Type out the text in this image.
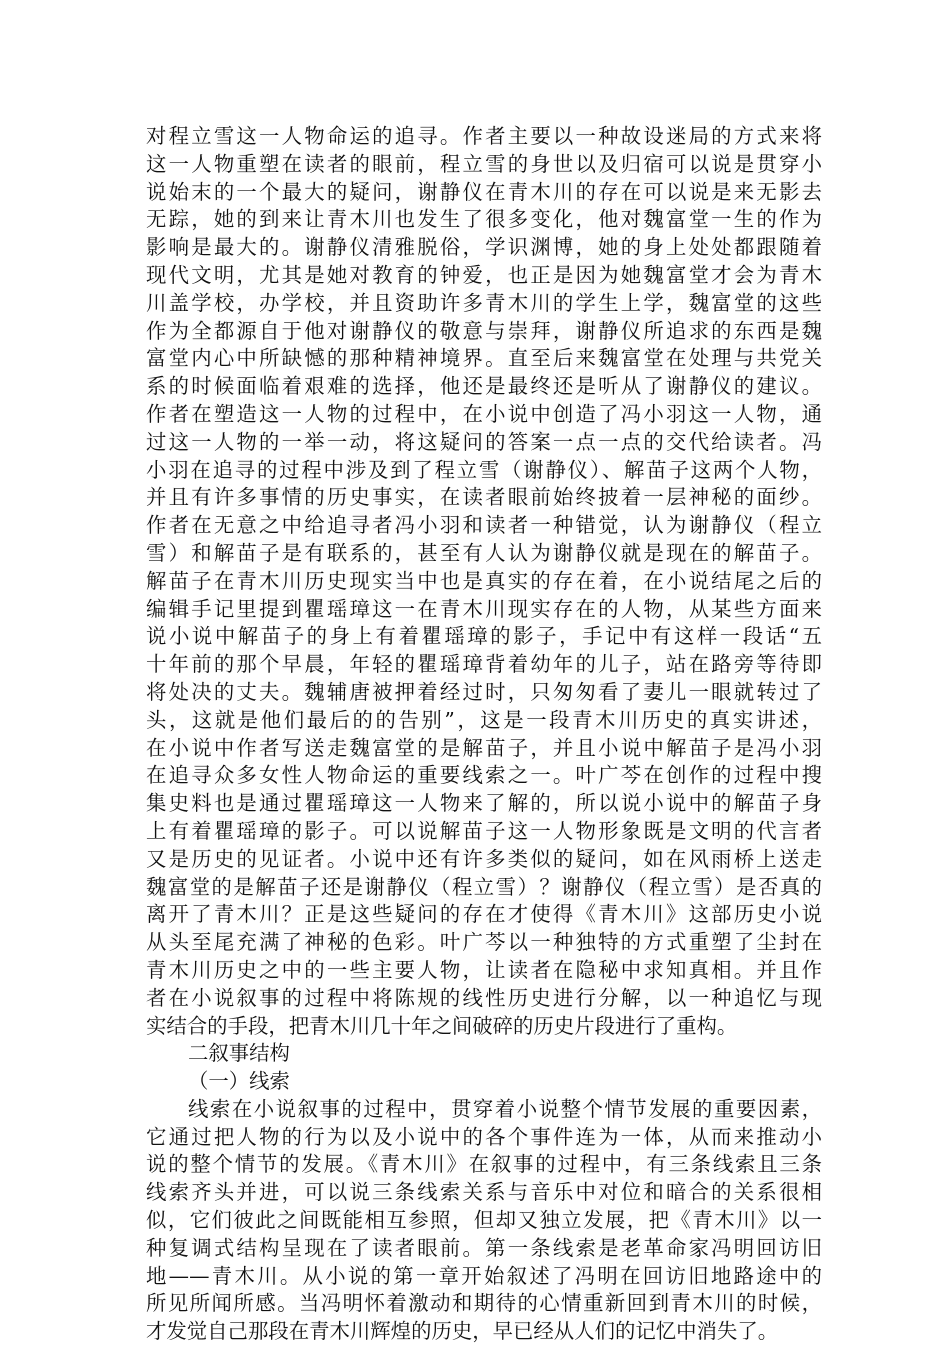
对程立雪这一人物命运的追寻。作者主要以一种故设迷局的方式来将
这一人物重塑在读者的眼前，程立雪的身世以及归宿可以说是贯穿小
说始末的一个最大的疑问，谢静仪在青木川的存在可以说是来无影去
无踪，她的到来让青木川也发生了很多变化，他对魏富堂一生的作为
影响是最大的。谢静仪清雅脱俗，学识渊博，她的身上处处都跟随着
现代文明，尤其是她对教育的钟爱，也正是因为她魏富堂才会为青木
川盖学校，办学校，并且资助许多青木川的学生上学，魏富堂的这些
作为全都源自于他对谢静仪的敬意与崇拜，谢静仪所追求的东西是魏
富堂内心中所缺憾的那种精神境界。直至后来魏富堂在处理与共党关
系的时候面临着艰难的选择，他还是最终还是听从了谢静仪的建议。
作者在塑造这一人物的过程中，在小说中创造了冯小羽这一人物，通
过这一人物的一举一动，将这疑问的答案一点一点的交代给读者。冯
小羽在追寻的过程中涉及到了程立雪（谢静仪）、解苗子这两个人物，
并且有许多事情的历史事实，在读者眼前始终披着一层神秘的面纱。
作者在无意之中给追寻者冯小羽和读者一种错觉，认为谢静仪（程立
雪）和解苗子是有联系的，甚至有人认为谢静仪就是现在的解苗子。
解苗子在青木川历史现实当中也是真实的存在着，在小说结尾之后的
编辑手记里提到瞿瑶璋这一在青木川现实存在的人物，从某些方面来
说小说中解苗子的身上有着瞿瑶璋的影子，手记中有这样一段话“五
十年前的那个早晨，年轻的瞿瑶璋背着幼年的儿子，站在路旁等待即
将处决的丈夫。魏辅唐被押着经过时，只匆匆看了妻儿一眼就转过了
头，这就是他们最后的的告别”，这是一段青木川历史的真实讲述，
在小说中作者写送走魏富堂的是解苗子，并且小说中解苗子是冯小羽
在追寻众多女性人物命运的重要线索之一。叶广芩在创作的过程中搜
集史料也是通过瞿瑶璋这一人物来了解的，所以说小说中的解苗子身
上有着瞿瑶璋的影子。可以说解苗子这一人物形象既是文明的代言者
又是历史的见证者。小说中还有许多类似的疑问，如在风雨桥上送走
魏富堂的是解苗子还是谢静仪（程立雪）？谢静仪（程立雪）是否真的
离开了青木川？正是这些疑问的存在才使得《青木川》这部历史小说
从头至尾充满了神秘的色彩。叶广芩以一种独特的方式重塑了尘封在
青木川历史之中的一些主要人物，让读者在隐秘中求知真相。并且作
者在小说叙事的过程中将陈规的线性历史进行分解，以一种追忆与现
实结合的手段，把青木川几十年之间破碎的历史片段进行了重构。
二叙事结构
（一）线索
线索在小说叙事的过程中，贯穿着小说整个情节发展的重要因素，
它通过把人物的行为以及小说中的各个事件连为一体，从而来推动小
说的整个情节的发展。《青木川》在叙事的过程中，有三条线索且三条
线索齐头并进，可以说三条线索关系与音乐中对位和暗合的关系很相
似，它们彼此之间既能相互参照，但却又独立发展，把《青木川》以一
种复调式结构呈现在了读者眼前。第一条线索是老革命家冯明回访旧
地——青木川。从小说的第一章开始叙述了冯明在回访旧地路途中的
所见所闻所感。当冯明怀着激动和期待的心情重新回到青木川的时候，
才发觉自己那段在青木川辉煌的历史，早已经从人们的记忆中消失了。
